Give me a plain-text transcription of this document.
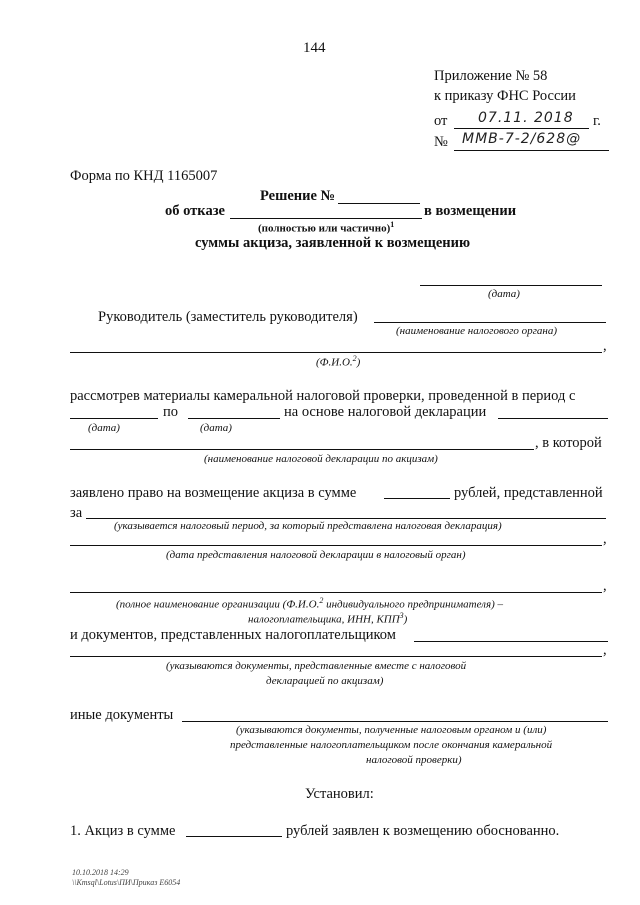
144
Приложение № 58
к приказу ФНС России
от 07.11. 2018 г.
№ ММВ-7-2/628@
Форма по КНД 1165007
Решение №
об отказе	в возмещении
(полностью или частично)$^1$
суммы акциза, заявленной к возмещению
(дата)
Руководитель (заместитель руководителя)
(наименование налогового органа)
,
(Ф.И.О.$^2$)
рассмотрев материалы камеральной налоговой проверки, проведенной в период с
по	на основе налоговой декларации
(дата)	(дата)
, в которой
(наименование налоговой декларации по акцизам)
заявлено право на возмещение акциза в сумме	рублей, представленной
за
(указывается налоговый период, за который представлена налоговая декларация)
,
(дата представления налоговой декларации в налоговый орган)
,
(полное наименование организации (Ф.И.О.$^2$ индивидуального предпринимателя) –
налогоплательщика, ИНН, КПП$^3$)
и документов, представленных налогоплательщиком
,
(указываются документы, представленные вместе с налоговой
декларацией по акцизам)
иные документы
(указываются документы, полученные налоговым органом и (или)
представленные налогоплательщиком после окончания камеральной
налоговой проверки)
Установил:
1. Акциз в сумме	рублей заявлен к возмещению обоснованно.
10.10.2018 14:29
\\Kmsql\Lotus\ПИ\Приказ E6054
